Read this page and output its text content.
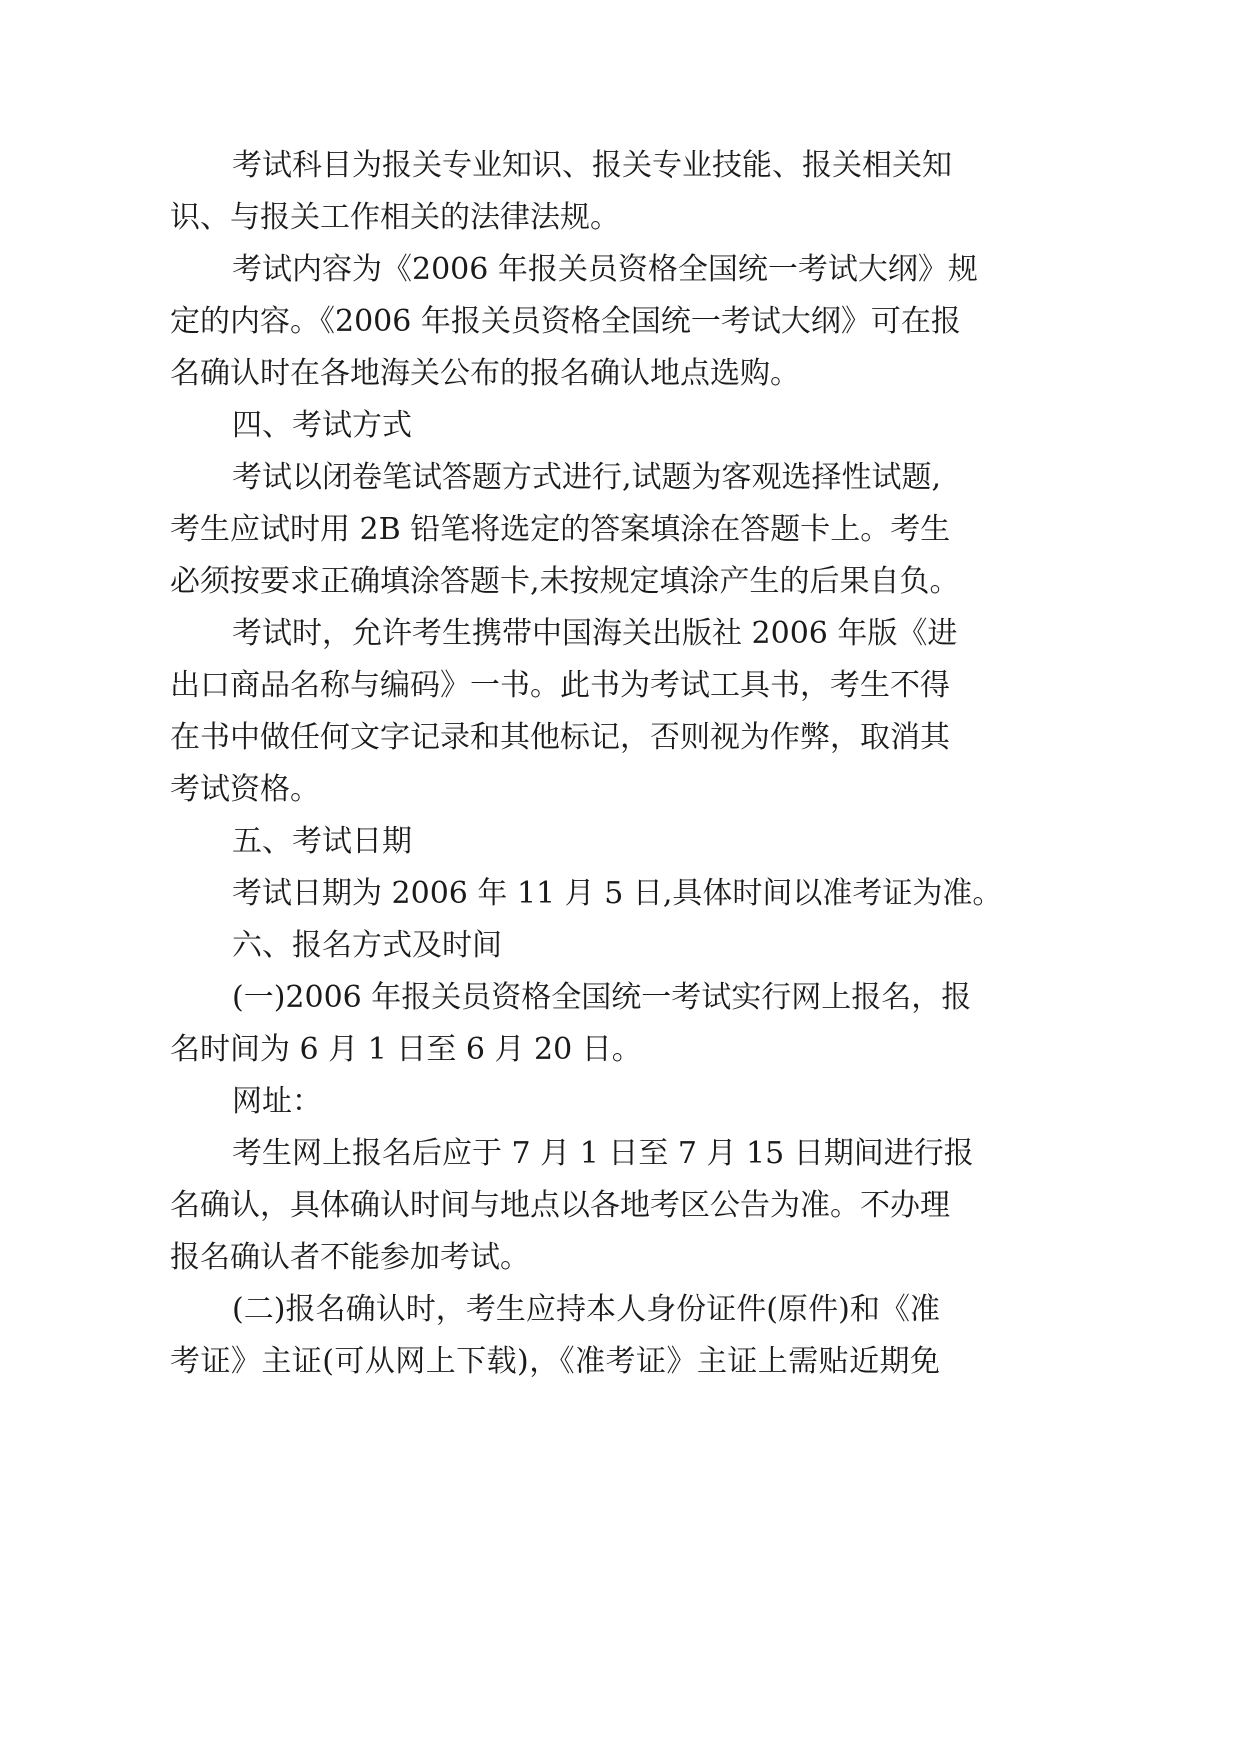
考试科目为报关专业知识、报关专业技能、报关相关知
识、与报关工作相关的法律法规。
考试内容为《2006 年报关员资格全国统一考试大纲》规
定的内容。《2006 年报关员资格全国统一考试大纲》可在报
名确认时在各地海关公布的报名确认地点选购。
四、考试方式
考试以闭卷笔试答题方式进行,试题为客观选择性试题,
考生应试时用 2B 铅笔将选定的答案填涂在答题卡上。考生
必须按要求正确填涂答题卡,未按规定填涂产生的后果自负。
考试时，允许考生携带中国海关出版社 2006 年版《进
出口商品名称与编码》一书。此书为考试工具书，考生不得
在书中做任何文字记录和其他标记，否则视为作弊，取消其
考试资格。
五、考试日期
考试日期为 2006 年 11 月 5 日,具体时间以准考证为准。
六、报名方式及时间
(一)2006 年报关员资格全国统一考试实行网上报名，报
名时间为 6 月 1 日至 6 月 20 日。
网址：
考生网上报名后应于 7 月 1 日至 7 月 15 日期间进行报
名确认，具体确认时间与地点以各地考区公告为准。不办理
报名确认者不能参加考试。
(二)报名确认时，考生应持本人身份证件(原件)和《准
考证》主证(可从网上下载)，《准考证》主证上需贴近期免
